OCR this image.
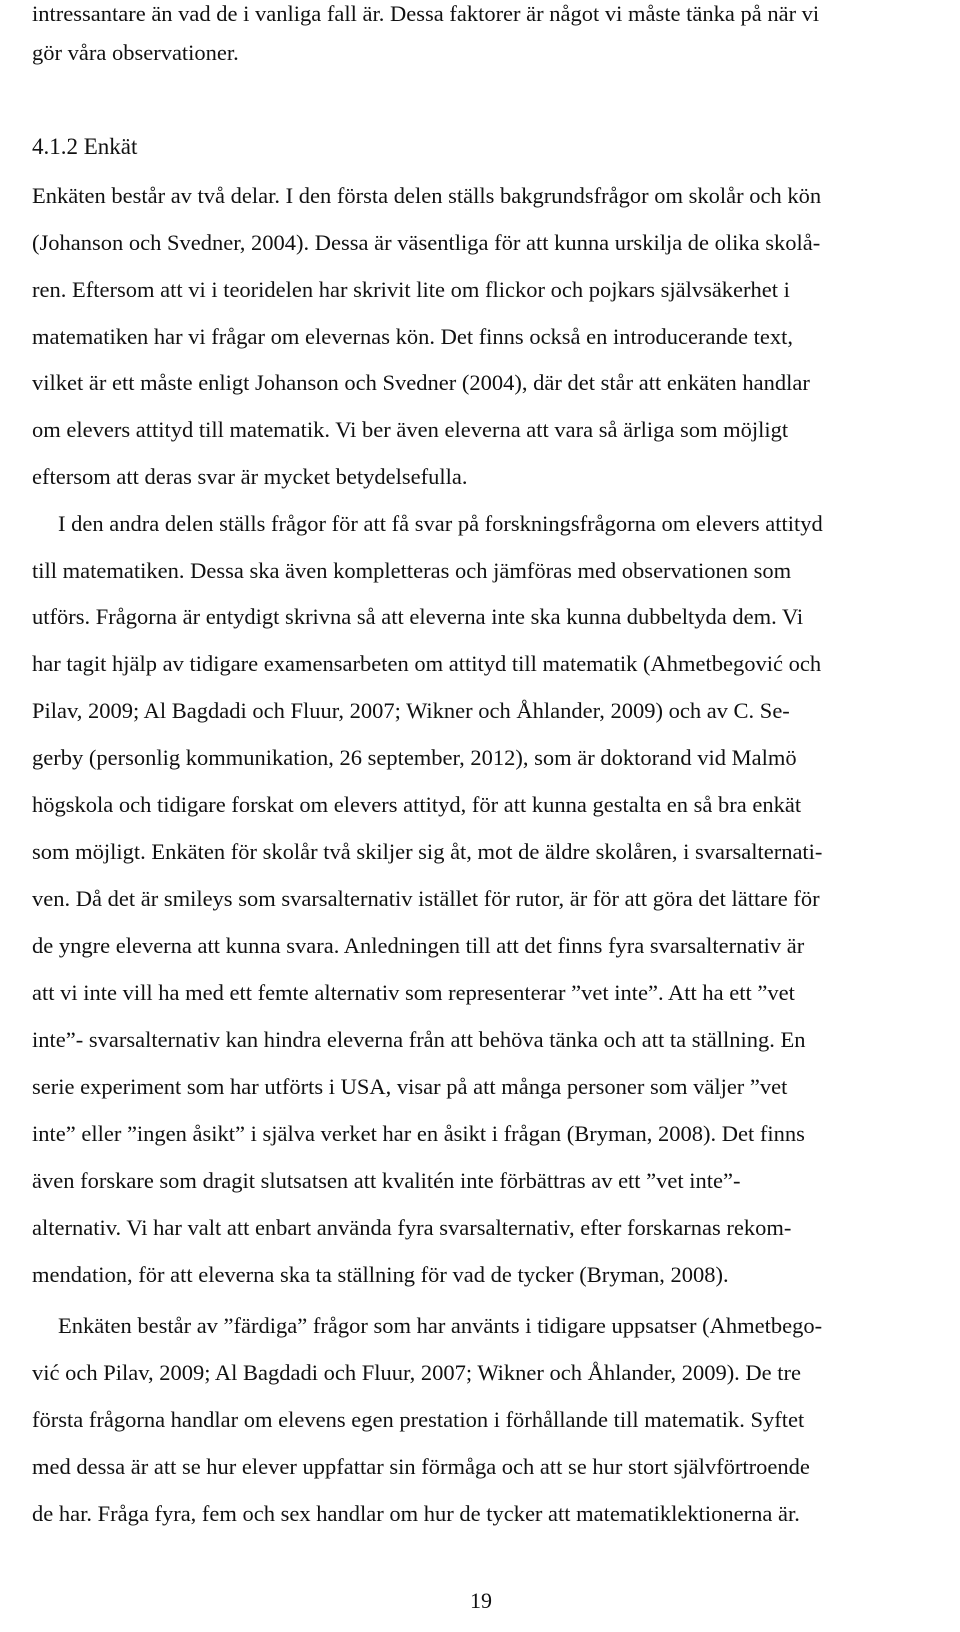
intressantare än vad de i vanliga fall är. Dessa faktorer är något vi måste tänka på när vi
gör våra observationer.
4.1.2 Enkät
Enkäten består av två delar. I den första delen ställs bakgrundsfrågor om skolår och kön
(Johanson och Svedner, 2004). Dessa är väsentliga för att kunna urskilja de olika skolå-
ren. Eftersom att vi i teoridelen har skrivit lite om flickor och pojkars självsäkerhet i
matematiken har vi frågar om elevernas kön. Det finns också en introducerande text,
vilket är ett måste enligt Johanson och Svedner (2004), där det står att enkäten handlar
om elevers attityd till matematik. Vi ber även eleverna att vara så ärliga som möjligt
eftersom att deras svar är mycket betydelsefulla.
I den andra delen ställs frågor för att få svar på forskningsfrågorna om elevers attityd
till matematiken. Dessa ska även kompletteras och jämföras med observationen som
utförs. Frågorna är entydigt skrivna så att eleverna inte ska kunna dubbeltyda dem. Vi
har tagit hjälp av tidigare examensarbeten om attityd till matematik (Ahmetbegović och
Pilav, 2009; Al Bagdadi och Fluur, 2007; Wikner och Åhlander, 2009) och av C. Se-
gerby (personlig kommunikation, 26 september, 2012), som är doktorand vid Malmö
högskola och tidigare forskat om elevers attityd, för att kunna gestalta en så bra enkät
som möjligt. Enkäten för skolår två skiljer sig åt, mot de äldre skolåren, i svarsalternati-
ven. Då det är smileys som svarsalternativ istället för rutor, är för att göra det lättare för
de yngre eleverna att kunna svara. Anledningen till att det finns fyra svarsalternativ är
att vi inte vill ha med ett femte alternativ som representerar ”vet inte”. Att ha ett ”vet
inte”- svarsalternativ kan hindra eleverna från att behöva tänka och att ta ställning. En
serie experiment som har utförts i USA, visar på att många personer som väljer ”vet
inte” eller ”ingen åsikt” i själva verket har en åsikt i frågan (Bryman, 2008). Det finns
även forskare som dragit slutsatsen att kvalitén inte förbättras av ett ”vet inte”-
alternativ. Vi har valt att enbart använda fyra svarsalternativ, efter forskarnas rekom-
mendation, för att eleverna ska ta ställning för vad de tycker (Bryman, 2008).
Enkäten består av ”färdiga” frågor som har använts i tidigare uppsatser (Ahmetbego-
vić och Pilav, 2009; Al Bagdadi och Fluur, 2007; Wikner och Åhlander, 2009). De tre
första frågorna handlar om elevens egen prestation i förhållande till matematik. Syftet
med dessa är att se hur elever uppfattar sin förmåga och att se hur stort självförtroende
de har. Fråga fyra, fem och sex handlar om hur de tycker att matematiklektionerna är.
19
